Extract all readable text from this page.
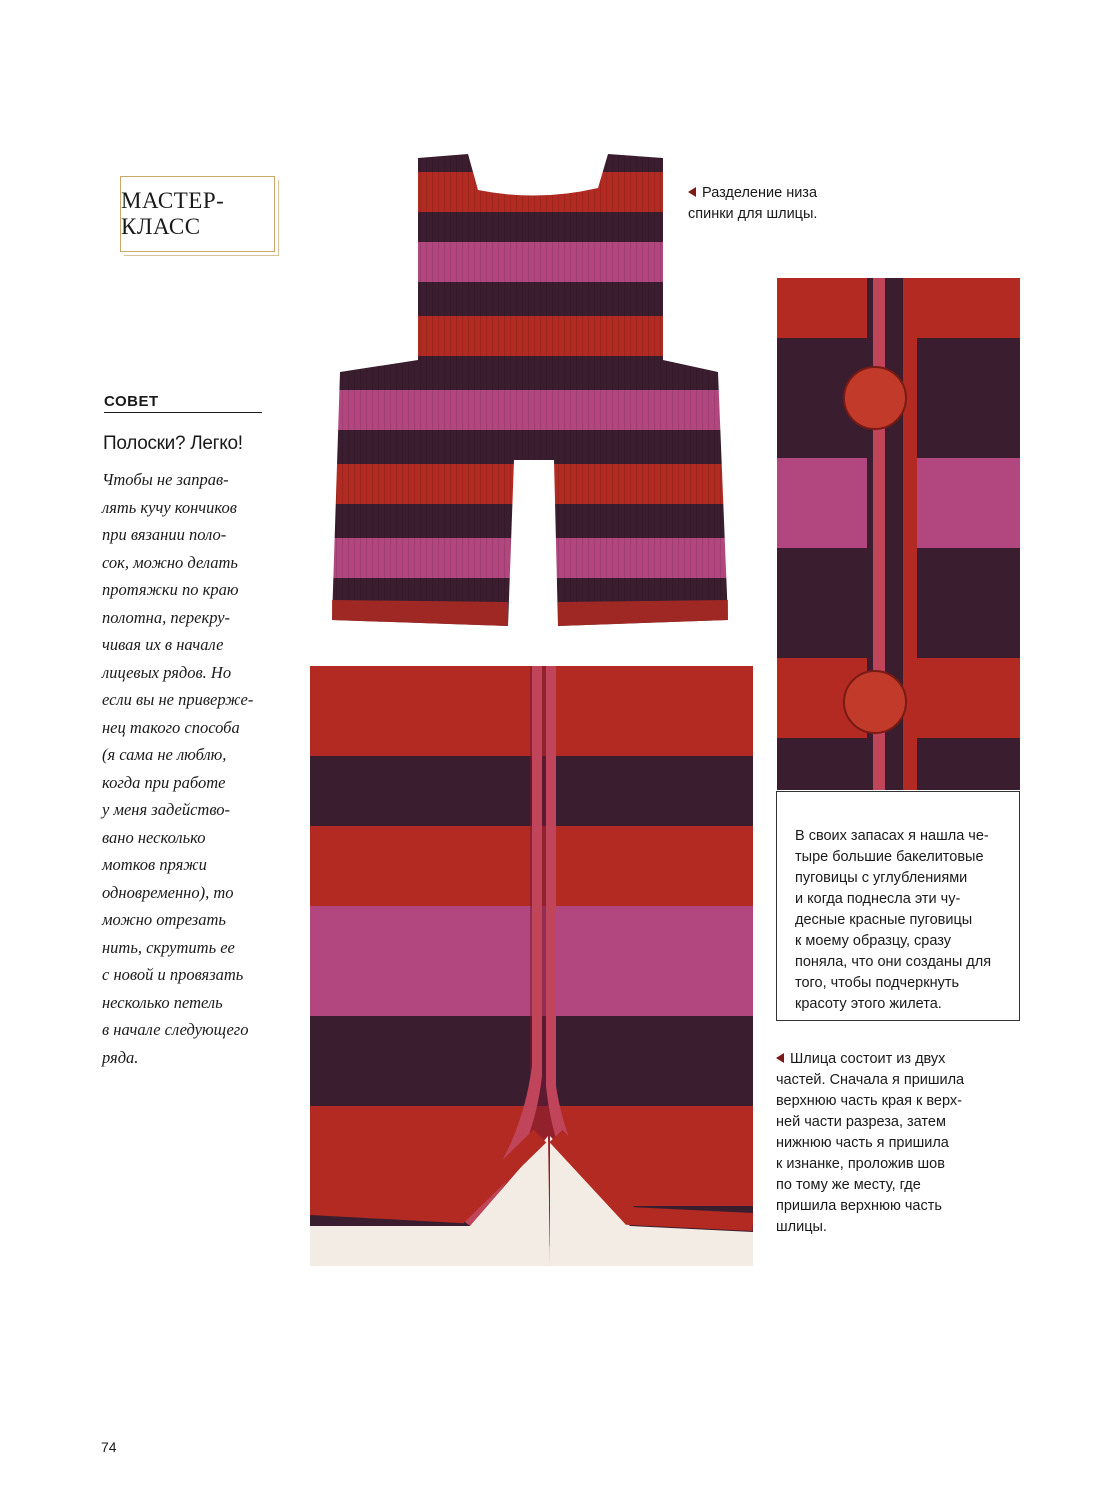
МАСТЕР-КЛАСС
СОВЕТ
Полоски? Легко!
Чтобы не заправ-
лять кучу кончиков
при вязании поло-
сок, можно делать
протяжки по краю
полотна, перекру-
чивая их в начале
лицевых рядов. Но
если вы не привержe-
нец такого способа
(я сама не люблю,
когда при работе
у меня задейство-
вано несколько
мотков пряжи
одновременно), то
можно отрезать
нить, скрутить ее
с новой и провязать
несколько петель
в начале следующего
ряда.
Разделение низа
спинки для шлицы.
В своих запасах я нашла че-
тыре большие бакелитовые
пуговицы с углублениями
и когда поднесла эти чу-
десные красные пуговицы
к моему образцу, сразу
поняла, что они созданы для
того, чтобы подчеркнуть
красоту этого жилета.
Шлица состоит из двух
частей. Сначала я пришила
верхнюю часть края к верх-
ней части разреза, затем
нижнюю часть я пришила
к изнанке, проложив шов
по тому же месту, где
пришила верхнюю часть
шлицы.
74
